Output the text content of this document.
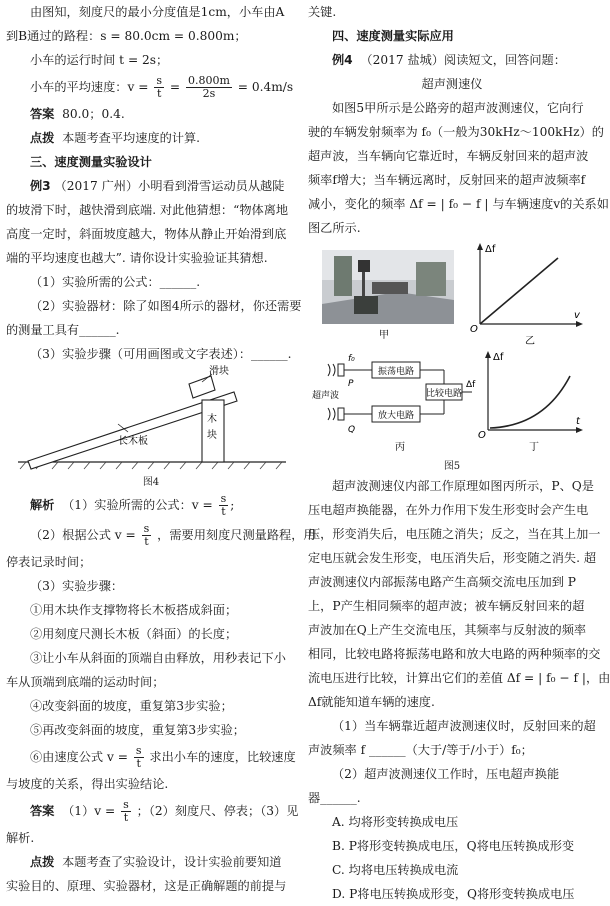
由图知，刻度尺的最小分度值是1cm，小车由A
到B通过的路程：s = 80.0cm = 0.800m；
小车的运行时间 t = 2s；
小车的平均速度：$v = \frac{s}{t} = \frac{0.800m}{2s} = 0.4m/s$
答案 80.0；0.4.
点拨 本题考查平均速度的计算.
三、速度测量实验设计
例3 （2017 广州）小明看到滑雪运动员从越陡
的坡滑下时，越快滑到底端. 对此他猜想：“物体离地
高度一定时，斜面坡度越大，物体从静止开始滑到底
端的平均速度也越大”. 请你设计实验验证其猜想.
（1）实验所需的公式：______.
（2）实验器材：除了如图4所示的器材，你还需要
的测量工具有______.
（3）实验步骤（可用画图或文字表述）：______.
滑块
长木板
木
块
图4
解析 （1）实验所需的公式：$v = \frac{s}{t}$ ;
（2）根据公式 $v = \frac{s}{t}$ ，需要用刻度尺测量路程，用
停表记录时间；
（3）实验步骤：
①用木块作支撑物将长木板搭成斜面；
②用刻度尺测长木板（斜面）的长度；
③让小车从斜面的顶端自由释放，用秒表记下小
车从顶端到底端的运动时间；
④改变斜面的坡度，重复第3步实验；
⑤再改变斜面的坡度，重复第3步实验；
⑥由速度公式 $v = \frac{s}{t}$ 求出小车的速度，比较速度
与坡度的关系，得出实验结论.
答案 $(1)v = \frac{s}{t}$ ；（2）刻度尺、停表；（3）见
解析.
点拨 本题考查了实验设计，设计实验前要知道
实验目的、原理、实验器材，这是正确解题的前提与
关键.
四、速度测量实际应用
例4 （2017 盐城）阅读短文，回答问题：
超声测速仪
如图5甲所示是公路旁的超声波测速仪，它向行
驶的车辆发射频率为 f₀（一般为30kHz～100kHz）的
超声波，当车辆向它靠近时，车辆反射回来的超声波
频率f增大；当车辆远离时，反射回来的超声波频率f
减小，变化的频率 Δf = | f₀ − f | 与车辆速度v的关系如
图乙所示.
甲
Δf
v
O
乙
振荡电路
放大电路
比较电路
Δf
f₀
P
Q
超声波
丙
Δf
t
O
丁
图5
超声波测速仪内部工作原理如图丙所示，P、Q是
压电超声换能器，在外力作用下发生形变时会产生电
压，形变消失后，电压随之消失；反之，当在其上加一
定电压就会发生形变，电压消失后，形变随之消失. 超
声波测速仪内部振荡电路产生高频交流电压加到 P
上，P产生相同频率的超声波；被车辆反射回来的超
声波加在Q上产生交流电压，其频率与反射波的频率
相同，比较电路将振荡电路和放大电路的两种频率的交
流电压进行比较，计算出它们的差值 Δf = | f₀ − f |，由
Δf就能知道车辆的速度.
（1）当车辆靠近超声波测速仪时，反射回来的超
声波频率 f ______（大于/等于/小于）f₀；
（2）超声波测速仪工作时，压电超声换能
器______.
A. 均将形变转换成电压
B. P将形变转换成电压，Q将电压转换成形变
C. 均将电压转换成电流
D. P将电压转换成形变，Q将形变转换成电压
